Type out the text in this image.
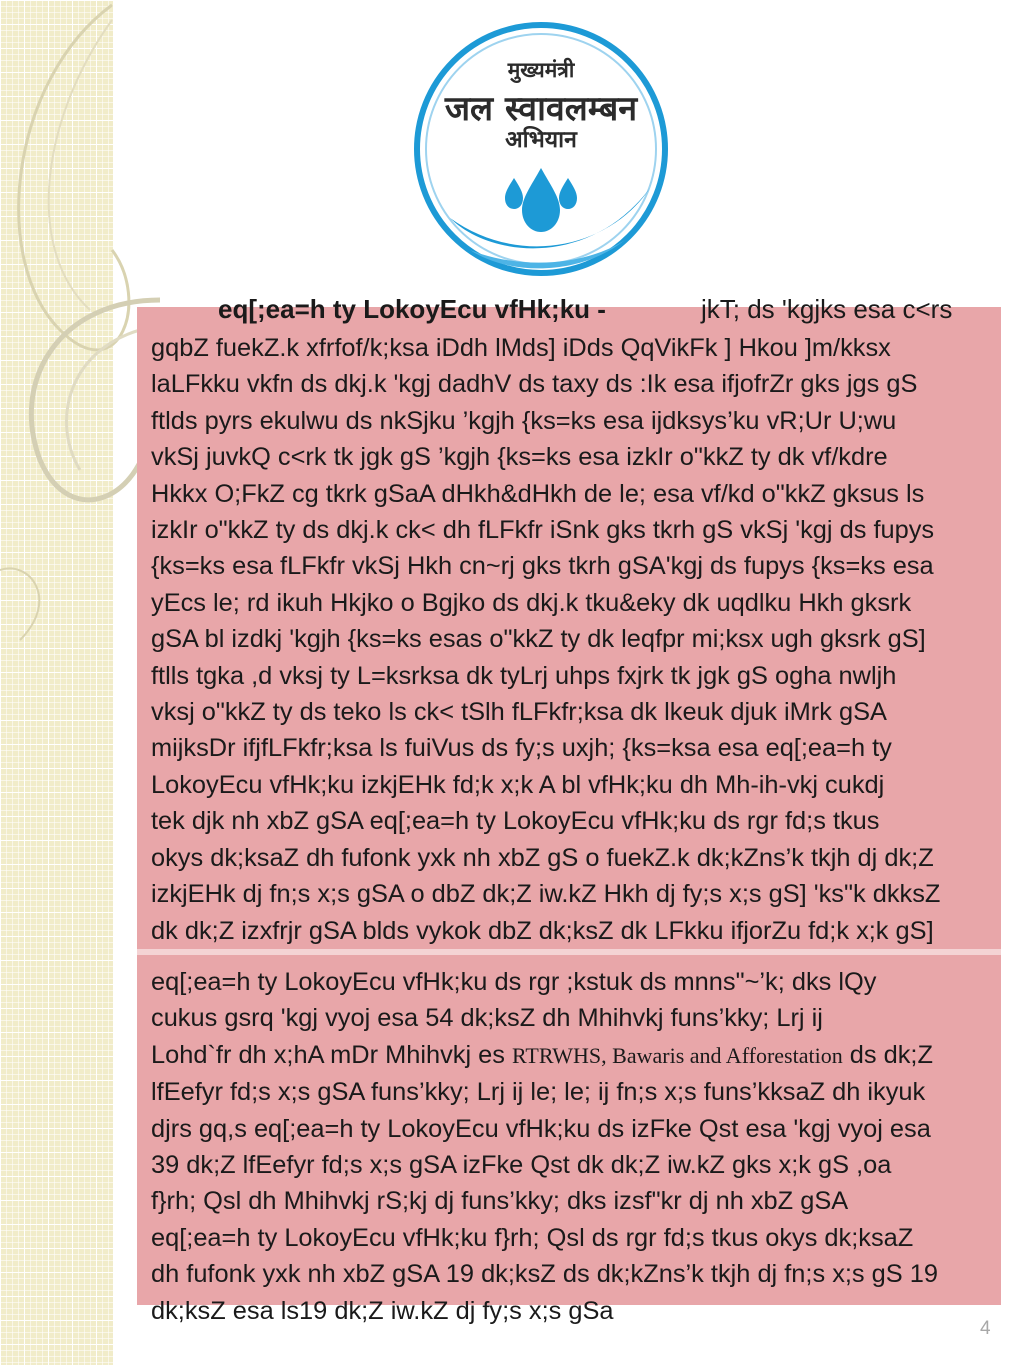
मुख्यमंत्री
जल स्वावलम्बन
अभियान
eq[;ea=h ty LokoyEcu vfHk;ku -	jkT; ds 'kgjks esa c<rs
gqbZ fuekZ.k xfrfof/k;ksa iDdh lMds] iDds QqVikFk ] Hkou ]m/kksx
laLFkku vkfn ds dkj.k 'kgj dadhV ds taxy ds :Ik esa ifjofrZr gks jgs gS
ftlds pyrs ekulwu ds nkSjku ’kgjh {ks=ks esa ijdksys’ku vR;Ur U;wu
vkSj juvkQ c<rk tk jgk gS ’kgjh {ks=ks esa izkIr o"kkZ ty dk vf/kdre
Hkkx O;FkZ cg tkrk gSaA dHkh&dHkh de le; esa vf/kd o"kkZ gksus ls
izkIr o"kkZ ty ds dkj.k ck< dh fLFkfr iSnk gks tkrh gS vkSj 'kgj ds fupys
{ks=ks esa fLFkfr vkSj Hkh cn~rj gks tkrh gSA'kgj ds fupys {ks=ks esa
yEcs le; rd ikuh Hkjko o Bgjko ds dkj.k tku&eky dk uqdlku Hkh gksrk
gSA bl izdkj 'kgjh {ks=ks esas o"kkZ ty dk leqfpr mi;ksx ugh gksrk gS]
ftlls tgka ,d vksj ty L=ksrksa dk tyLrj uhps fxjrk tk jgk gS ogha nwljh
vksj o"kkZ ty ds teko ls ck< tSlh fLFkfr;ksa dk lkeuk djuk iMrk gSA
mijksDr ifjfLFkfr;ksa ls fuiVus ds fy;s uxjh; {ks=ksa esa eq[;ea=h ty
LokoyEcu vfHk;ku izkjEHk fd;k x;k A bl vfHk;ku dh Mh-ih-vkj cukdj
tek djk nh xbZ gSA eq[;ea=h ty LokoyEcu vfHk;ku ds rgr fd;s tkus
okys dk;ksaZ dh fufonk yxk nh xbZ gS o fuekZ.k dk;kZns’k tkjh dj dk;Z
izkjEHk dj fn;s x;s gSA o dbZ dk;Z iw.kZ Hkh dj fy;s x;s gS] 'ks"k dkksZ
dk dk;Z izxfrjr gSA blds vykok dbZ dk;ksZ dk LFkku ifjorZu fd;k x;k gS]
eq[;ea=h ty LokoyEcu vfHk;ku ds rgr ;kstuk ds mnns"~’k; dks lQy
cukus gsrq 'kgj vyoj esa 54 dk;ksZ dh Mhihvkj funs’kky; Lrj ij
Lohd`fr dh x;hA mDr Mhihvkj es RTRWHS, Bawaris and Afforestation ds dk;Z
lfEefyr fd;s x;s gSA funs’kky; Lrj ij le; le; ij fn;s x;s funs’kksaZ dh ikyuk
djrs gq,s eq[;ea=h ty LokoyEcu vfHk;ku ds izFke Qst esa 'kgj vyoj esa
39 dk;Z lfEefyr fd;s x;s gSA izFke Qst dk dk;Z iw.kZ gks x;k gS ,oa
f}rh; Qsl dh Mhihvkj rS;kj dj funs’kky; dks izsf"kr dj nh xbZ gSA
eq[;ea=h ty LokoyEcu vfHk;ku f}rh; Qsl ds rgr fd;s tkus okys dk;ksaZ
dh fufonk yxk nh xbZ gSA 19 dk;ksZ ds dk;kZns’k tkjh dj fn;s x;s gS 19
dk;ksZ esa ls19 dk;Z iw.kZ dj fy;s x;s gSa
4
